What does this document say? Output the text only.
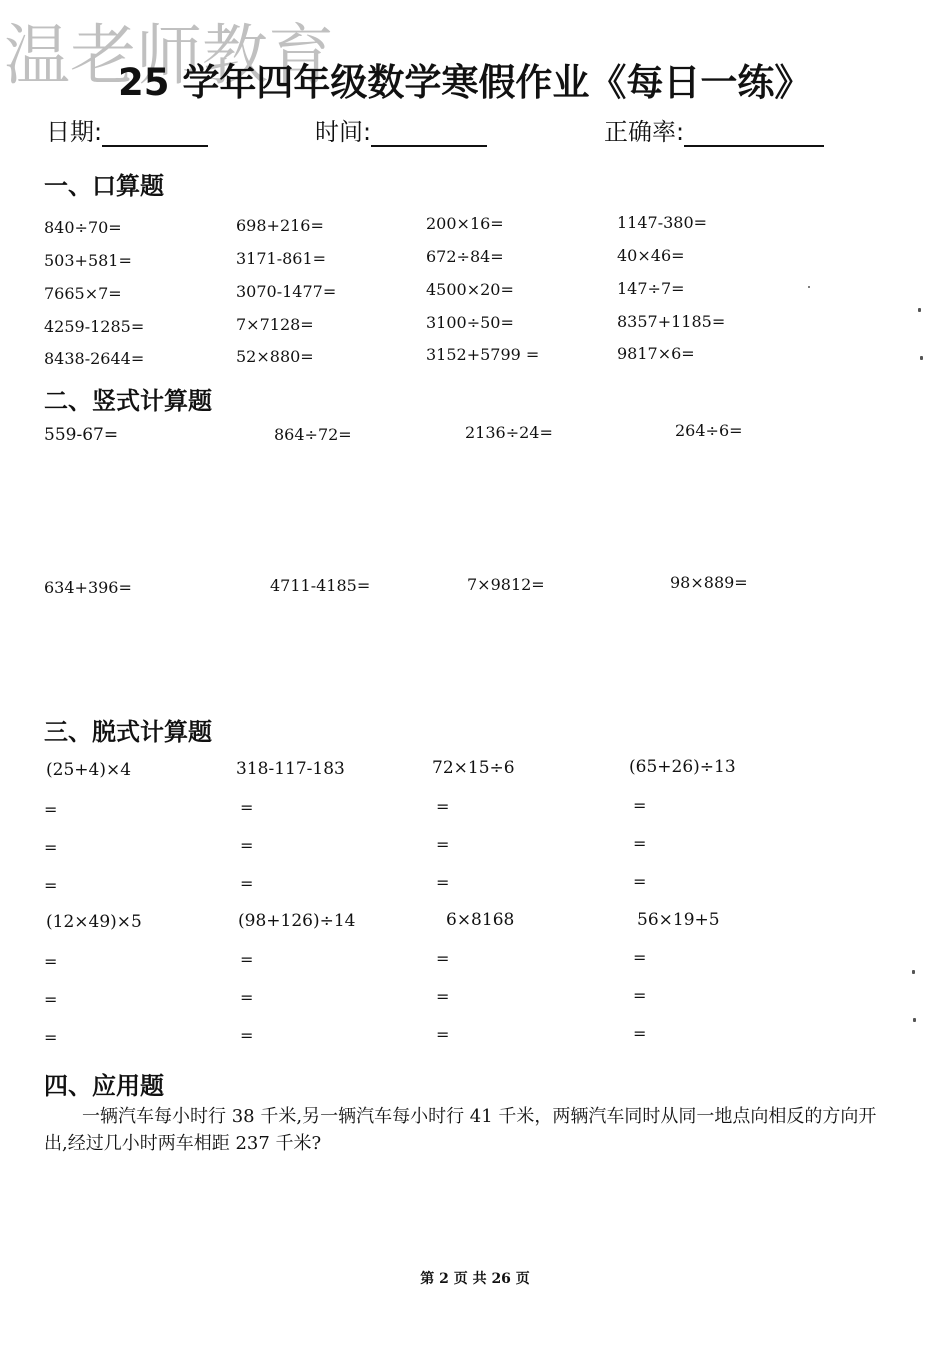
温老师教育
25 学年四年级数学寒假作业《每日一练》
日期:	时间:	正确率:
一、口算题
840÷70=	698+216=	200×16=	1147-380=
503+581=	3171-861=	672÷84=	40×46=
7665×7=	3070-1477=	4500×20=	147÷7=
4259-1285=	7×7128=	3100÷50=	8357+1185=
8438-2644=	52×880=	3152+5799 =	9817×6=
二、竖式计算题
559-67=	864÷72=	2136÷24=	264÷6=
634+396=	4711-4185=	7×9812=	98×889=
三、脱式计算题
(25+4)×4	318-117-183	72×15÷6	(65+26)÷13
=	=	=	=
=	=	=	=
=	=	=	=
(12×49)×5	(98+126)÷14	6×8168	56×19+5
=	=	=	=
=	=	=	=
=	=	=	=
四、应用题
一辆汽车每小时行 38 千米,另一辆汽车每小时行 41 千米，两辆汽车同时从同一地点向相反的方向开出,经过几小时两车相距 237 千米?
第 2 页 共 26 页
